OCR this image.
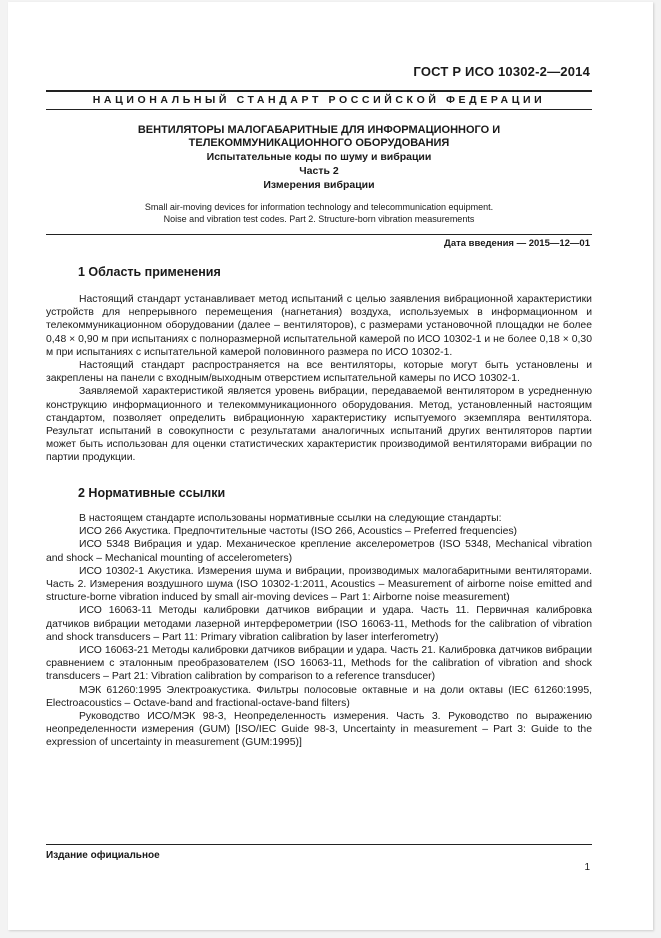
ГОСТ Р ИСО 10302-2—2014
НАЦИОНАЛЬНЫЙ СТАНДАРТ РОССИЙСКОЙ ФЕДЕРАЦИИ
ВЕНТИЛЯТОРЫ МАЛОГАБАРИТНЫЕ ДЛЯ ИНФОРМАЦИОННОГО И
ТЕЛЕКОММУНИКАЦИОННОГО ОБОРУДОВАНИЯ
Испытательные коды по шуму и вибрации
Часть 2
Измерения вибрации
Small air-moving devices for information technology and telecommunication equipment.
Noise and vibration test codes. Part 2. Structure-born vibration measurements
Дата введения — 2015—12—01
1 Область применения

Настоящий стандарт устанавливает метод испытаний с целью заявления вибрационной характеристики устройств для непрерывного перемещения (нагнетания) воздуха, используемых в информационном и телекоммуникационном оборудовании (далее – вентиляторов), с размерами установочной площадки не более 0,48 × 0,90 м при испытаниях с полноразмерной испытательной камерой по ИСО 10302-1 и не более 0,18 × 0,30 м при испытаниях с испытательной камерой половинного размера по ИСО 10302-1.

Настоящий стандарт распространяется на все вентиляторы, которые могут быть установлены и закреплены на панели с входным/выходным отверстием испытательной камеры по ИСО 10302-1.

Заявляемой характеристикой является уровень вибрации, передаваемой вентилятором в усредненную конструкцию информационного и телекоммуникационного оборудования. Метод, установленный настоящим стандартом, позволяет определить вибрационную характеристику испытуемого экземпляра вентилятора. Результат испытаний в совокупности с результатами аналогичных испытаний других вентиляторов партии может быть использован для оценки статистических характеристик производимой вентиляторами вибрации по партии продукции.

2 Нормативные ссылки

В настоящем стандарте использованы нормативные ссылки на следующие стандарты:

ИСО 266 Акустика. Предпочтительные частоты (ISO 266, Acoustics – Preferred frequencies)

ИСО 5348 Вибрация и удар. Механическое крепление акселерометров (ISO 5348, Mechanical vibration and shock – Mechanical mounting of accelerometers)

ИСО 10302-1 Акустика. Измерения шума и вибрации, производимых малогабаритными вентиляторами. Часть 2. Измерения воздушного шума (ISO 10302-1:2011, Acoustics – Measurement of airborne noise emitted and structure-borne vibration induced by small air-moving devices – Part 1: Airborne noise measurement)

ИСО 16063-11 Методы калибровки датчиков вибрации и удара. Часть 11. Первичная калибровка датчиков вибрации методами лазерной интерферометрии (ISO 16063-11, Methods for the calibration of vibration and shock transducers – Part 11: Primary vibration calibration by laser interferometry)

ИСО 16063-21 Методы калибровки датчиков вибрации и удара. Часть 21. Калибровка датчиков вибрации сравнением с эталонным преобразователем (ISO 16063-11, Methods for the calibration of vibration and shock transducers – Part 21: Vibration calibration by comparison to a reference transducer)

МЭК 61260:1995 Электроакустика. Фильтры полосовые октавные и на доли октавы (IEC 61260:1995, Electroacoustics – Octave-band and fractional-octave-band filters)

Руководство ИСО/МЭК 98-3, Неопределенность измерения. Часть 3. Руководство по выражению неопределенности измерения (GUM) [ISO/IEC Guide 98-3, Uncertainty in measurement – Part 3: Guide to the expression of uncertainty in measurement (GUM:1995)]

Издание официальное
1
